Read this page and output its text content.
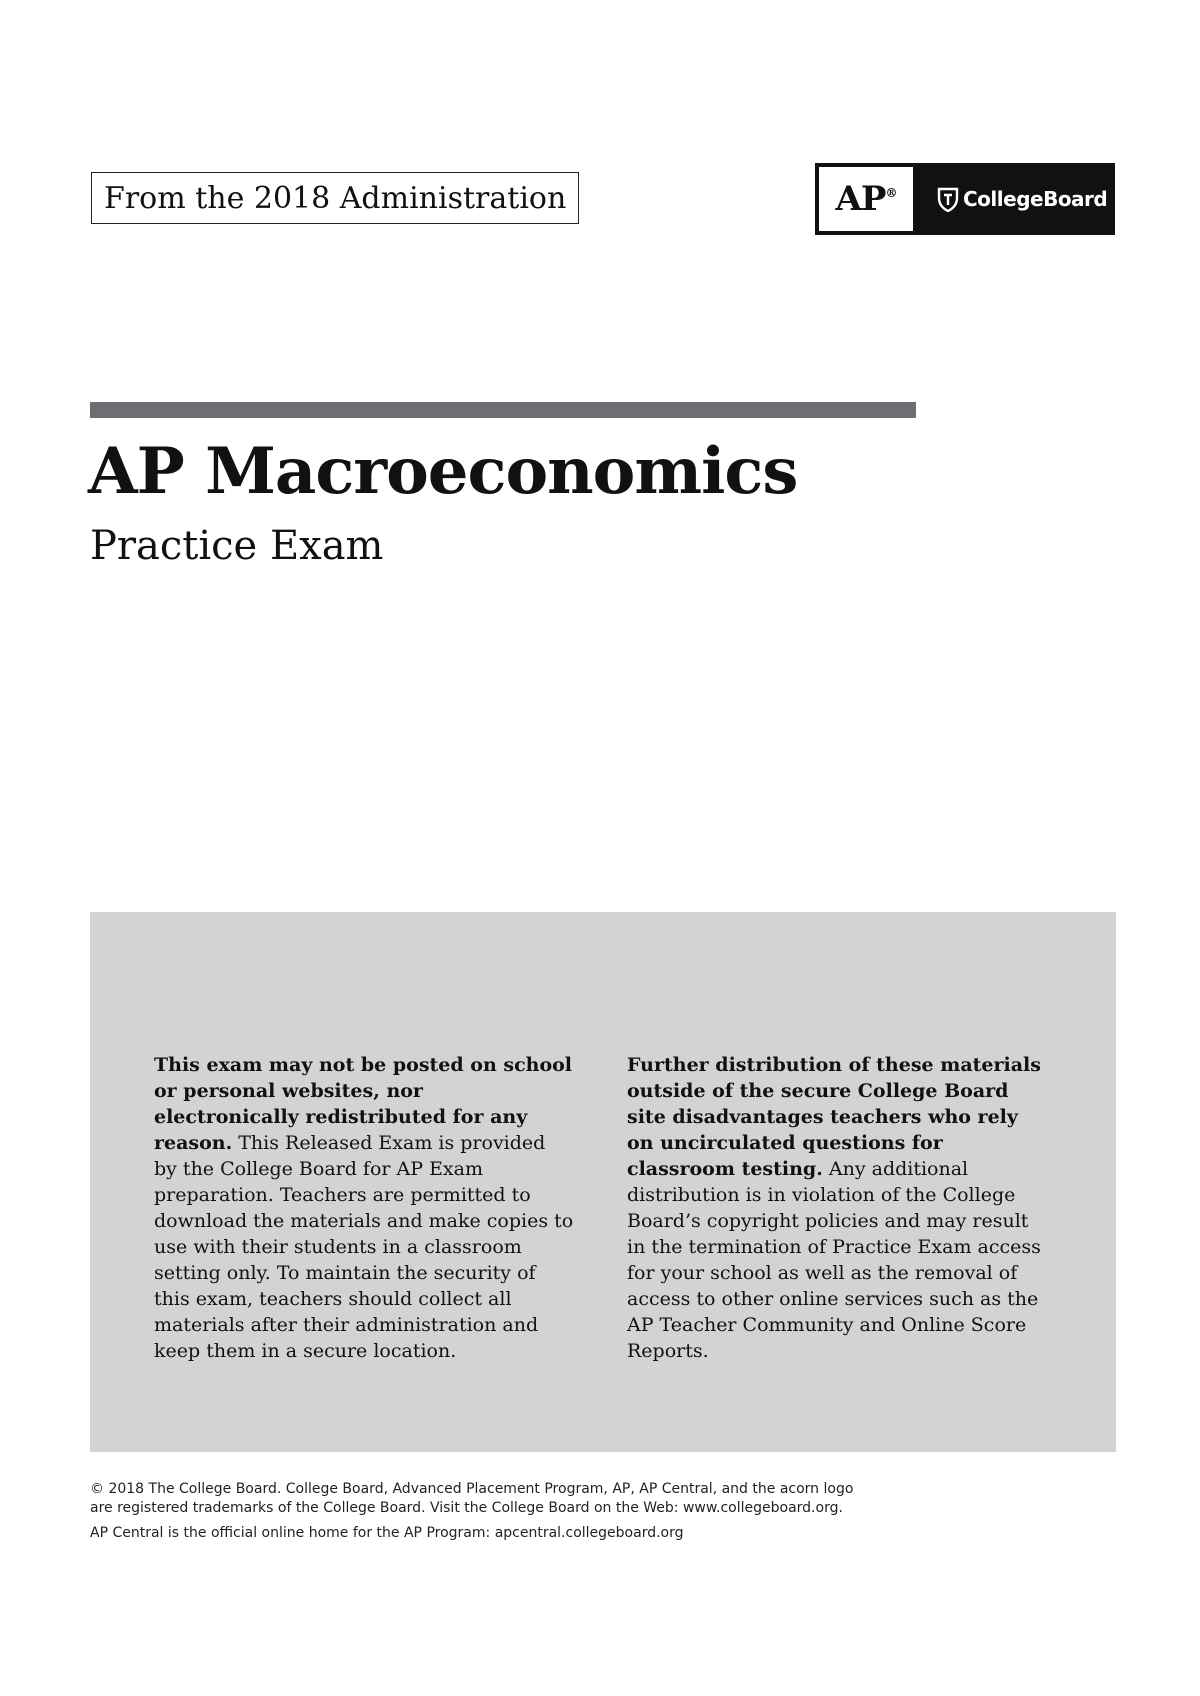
From the 2018 Administration	AP®	CollegeBoard
AP Macroeconomics
Practice Exam
This exam may not be posted on school or personal websites, nor electronically redistributed for any reason. This Released Exam is provided by the College Board for AP Exam preparation. Teachers are permitted to download the materials and make copies to use with their students in a classroom setting only. To maintain the security of this exam, teachers should collect all materials after their administration and keep them in a secure location.
Further distribution of these materials outside of the secure College Board site disadvantages teachers who rely on uncirculated questions for classroom testing. Any additional distribution is in violation of the College Board’s copyright policies and may result in the termination of Practice Exam access for your school as well as the removal of access to other online services such as the AP Teacher Community and Online Score Reports.

© 2018 The College Board. College Board, Advanced Placement Program, AP, AP Central, and the acorn logo

are registered trademarks of the College Board. Visit the College Board on the Web: www.collegeboard.org.

AP Central is the official online home for the AP Program: apcentral.collegeboard.org
